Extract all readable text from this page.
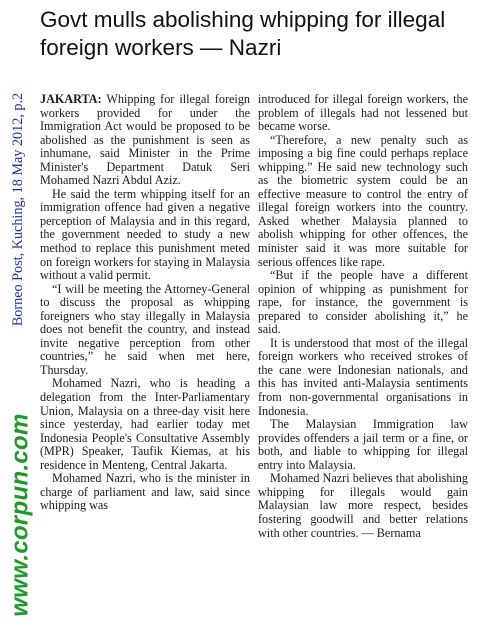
Borneo Post, Kuching, 18 May 2012, p.2
www.corpun.com
Govt mulls abolishing whipping for illegal foreign workers — Nazri

JAKARTA: Whipping for illegal foreign workers provided for under the Immigration Act would be proposed to be abolished as the punishment is seen as inhumane, said Minister in the Prime Minister's Department Datuk Seri Mohamed Nazri Abdul Aziz.

He said the term whipping itself for an immigration offence had given a negative perception of Malaysia and in this regard, the government needed to study a new method to replace this punishment meted on foreign workers for staying in Malaysia without a valid permit.

“I will be meeting the Attorney-General to discuss the proposal as whipping foreigners who stay illegally in Malaysia does not benefit the country, and instead invite negative perception from other countries,” he said when met here, Thursday.

Mohamed Nazri, who is heading a delegation from the Inter-Parliamentary Union, Malaysia on a three-day visit here since yesterday, had earlier today met Indonesia People's Consultative Assembly (MPR) Speaker, Taufik Kiemas, at his residence in Menteng, Central Jakarta.

Mohamed Nazri, who is the minister in charge of parliament and law, said since whipping was

introduced for illegal foreign workers, the problem of illegals had not lessened but became worse.

“Therefore, a new penalty such as imposing a big fine could perhaps replace whipping.” He said new technology such as the biometric system could be an effective measure to control the entry of illegal foreign workers into the country. Asked whether Malaysia planned to abolish whipping for other offences, the minister said it was more suitable for serious offences like rape.

“But if the people have a different opinion of whipping as punishment for rape, for instance, the government is prepared to consider abolishing it,” he said.

It is understood that most of the illegal foreign workers who received strokes of the cane were Indonesian nationals, and this has invited anti-Malaysia sentiments from non-governmental organisations in Indonesia.

The Malaysian Immigration law provides offenders a jail term or a fine, or both, and liable to whipping for illegal entry into Malaysia.

Mohamed Nazri believes that abolishing whipping for illegals would gain Malaysian law more respect, besides fostering goodwill and better relations with other countries. — Bernama
